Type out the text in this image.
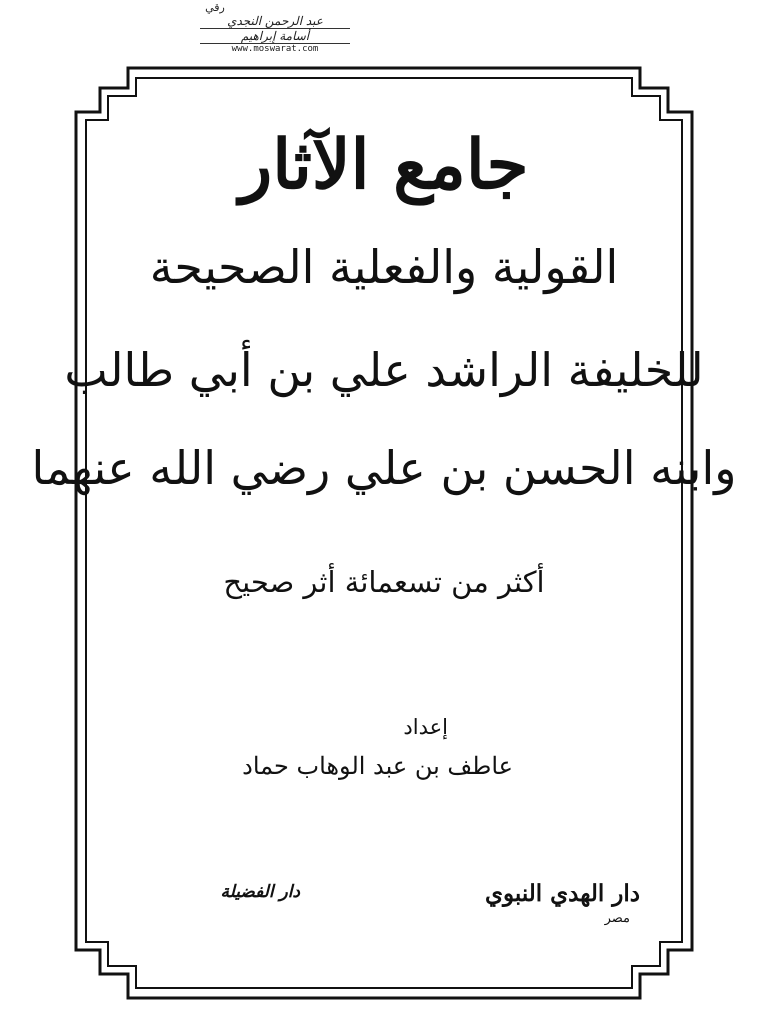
رقي
عبد الرحمن النجدي
أسامة إبراهيم
www.moswarat.com
جامع الآثار
القولية والفعلية الصحيحة
للخليفة الراشد علي بن أبي طالب
وابنه الحسن بن علي رضي الله عنهما
أكثر من تسعمائة أثر صحيح
إعداد
عاطف بن عبد الوهاب حماد
دار الهدي النبوي
مصر
دار الفضيلة
